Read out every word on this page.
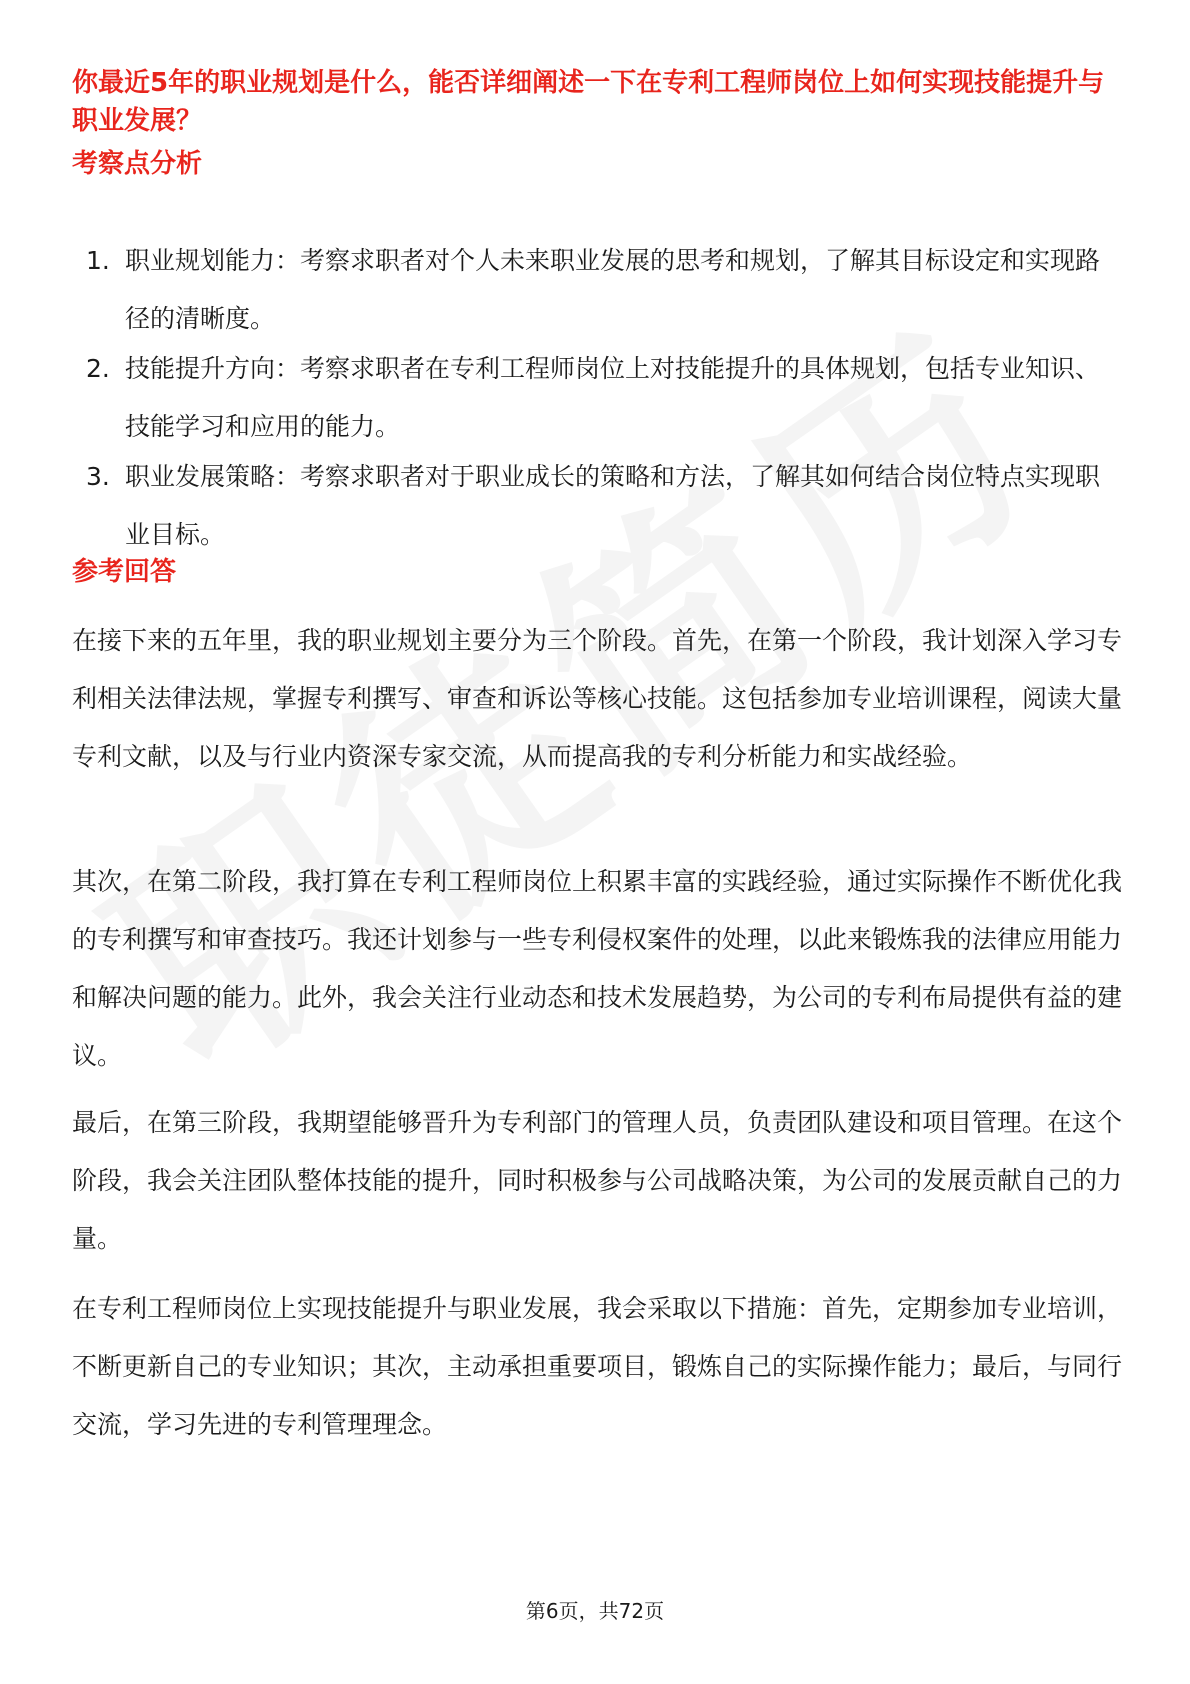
你最近5年的职业规划是什么，能否详细阐述一下在专利工程师岗位上如何实现技能提升与职业发展？
考察点分析
1. 职业规划能力：考察求职者对个人未来职业发展的思考和规划，了解其目标设定和实现路径的清晰度。
2. 技能提升方向：考察求职者在专利工程师岗位上对技能提升的具体规划，包括专业知识、技能学习和应用的能力。
3. 职业发展策略：考察求职者对于职业成长的策略和方法，了解其如何结合岗位特点实现职业目标。
参考回答

在接下来的五年里，我的职业规划主要分为三个阶段。首先，在第一个阶段，我计划深入学习专利相关法律法规，掌握专利撰写、审查和诉讼等核心技能。这包括参加专业培训课程，阅读大量专利文献，以及与行业内资深专家交流，从而提高我的专利分析能力和实战经验。

其次，在第二阶段，我打算在专利工程师岗位上积累丰富的实践经验，通过实际操作不断优化我的专利撰写和审查技巧。我还计划参与一些专利侵权案件的处理，以此来锻炼我的法律应用能力和解决问题的能力。此外，我会关注行业动态和技术发展趋势，为公司的专利布局提供有益的建议。

最后，在第三阶段，我期望能够晋升为专利部门的管理人员，负责团队建设和项目管理。在这个阶段，我会关注团队整体技能的提升，同时积极参与公司战略决策，为公司的发展贡献自己的力量。

在专利工程师岗位上实现技能提升与职业发展，我会采取以下措施：首先，定期参加专业培训，不断更新自己的专业知识；其次，主动承担重要项目，锻炼自己的实际操作能力；最后，与同行交流，学习先进的专利管理理念。

第6页，共72页
